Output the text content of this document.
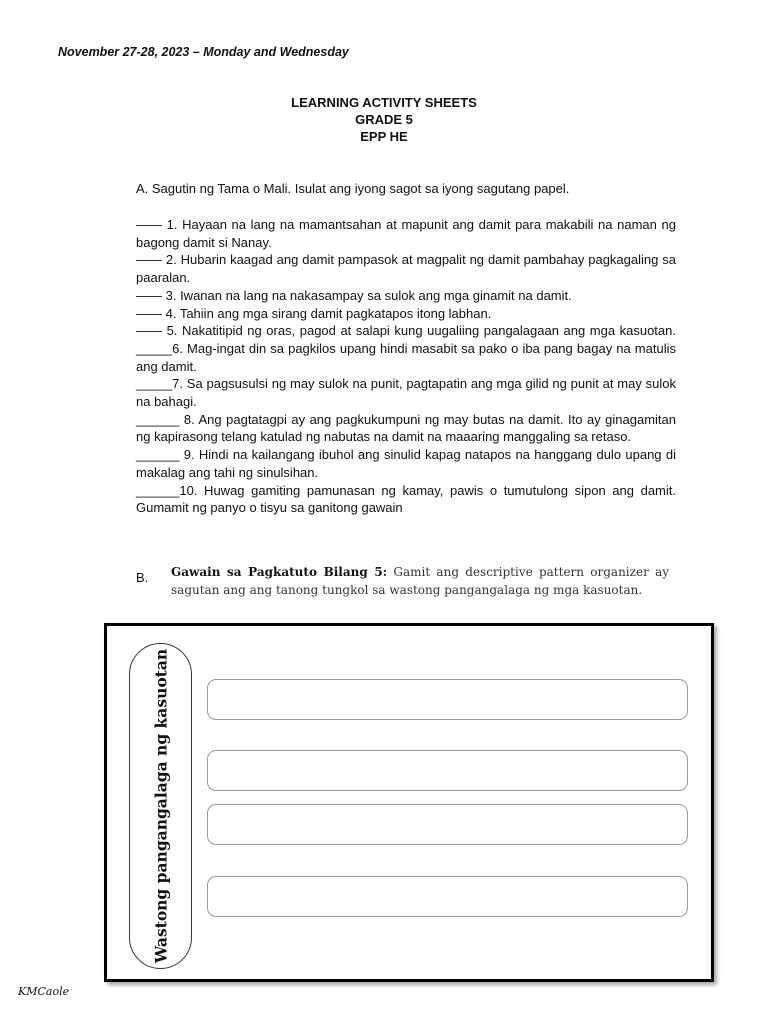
November 27-28, 2023 – Monday and Wednesday
LEARNING ACTIVITY SHEETS
GRADE 5
EPP HE
A. Sagutin ng Tama o Mali. Isulat ang iyong sagot sa iyong sagutang papel.
—— 1. Hayaan na lang na mamantsahan at mapunit ang damit para makabili na naman ng bagong damit si Nanay.
—— 2. Hubarin kaagad ang damit pampasok at magpalit ng damit pambahay pagkagaling sa paaralan.
—— 3. Iwanan na lang na nakasampay sa sulok ang mga ginamit na damit.
—— 4. Tahiin ang mga sirang damit pagkatapos itong labhan.
—— 5. Nakatitipid ng oras, pagod at salapi kung uugaliing pangalagaan ang mga kasuotan. _____6. Mag-ingat din sa pagkilos upang hindi masabit sa pako o iba pang bagay na matulis ang damit.
_____7. Sa pagsusulsi ng may sulok na punit, pagtapatin ang mga gilid ng punit at may sulok na bahagi.
______ 8. Ang pagtatagpi ay ang pagkukumpuni ng may butas na damit. Ito ay ginagamitan ng kapirasong telang katulad ng nabutas na damit na maaaring manggaling sa retaso.
______ 9. Hindi na kailangang ibuhol ang sinulid kapag natapos na hanggang dulo upang di makalag ang tahi ng sinulsihan.
______10. Huwag gamiting pamunasan ng kamay, pawis o tumutulong sipon ang damit. Gumamit ng panyo o tisyu sa ganitong gawain
B. Gawain sa Pagkatuto Bilang 5: Gamit ang descriptive pattern organizer ay sagutan ang ang tanong tungkol sa wastong pangangalaga ng mga kasuotan.
Wastong pangangalaga ng kasuotan
KMCaole
